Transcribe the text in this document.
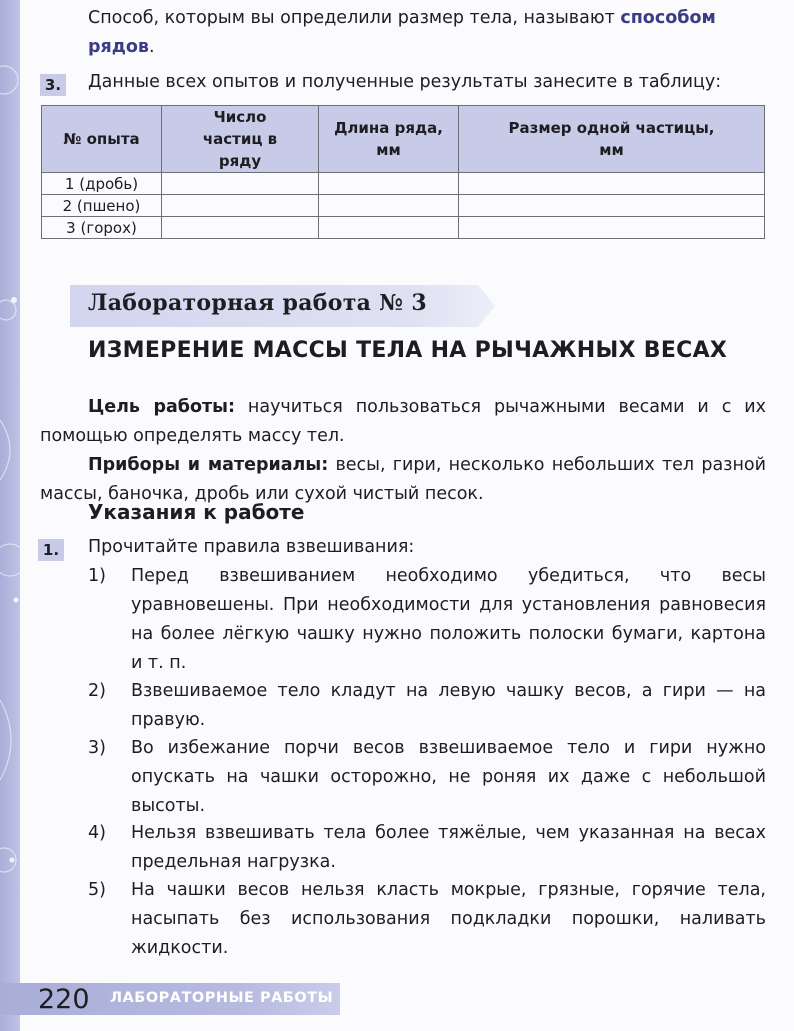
Способ, которым вы определили размер тела, называют способом
рядов.

3. Данные всех опытов и полученные результаты занесите в таблицу:

№ опыта	Число частиц в ряду	Длина ряда, мм	Размер одной частицы, мм
1 (дробь)			
2 (пшено)			
3 (горох)			
Лабораторная работа № 3
ИЗМЕРЕНИЕ МАССЫ ТЕЛА НА РЫЧАЖНЫХ ВЕСАХ

Цель работы: научиться пользоваться рычажными весами и с их помощью определять массу тел.

Приборы и материалы: весы, гири, несколько небольших тел разной массы, баночка, дробь или сухой чистый песок.

Указания к работе
1. Прочитайте правила взвешивания:

1) Перед взвешиванием необходимо убедиться, что весы уравновешены. При необходимости для установления равновесия на более лёгкую чашку нужно положить полоски бумаги, картона и т. п.
2) Взвешиваемое тело кладут на левую чашку весов, а гири — на правую.
3) Во избежание порчи весов взвешиваемое тело и гири нужно опускать на чашки осторожно, не роняя их даже с небольшой высоты.
4) Нельзя взвешивать тела более тяжёлые, чем указанная на весах предельная нагрузка.
5) На чашки весов нельзя класть мокрые, грязные, горячие тела, насыпать без использования подкладки порошки, наливать жидкости.
220 ЛАБОРАТОРНЫЕ РАБОТЫ
